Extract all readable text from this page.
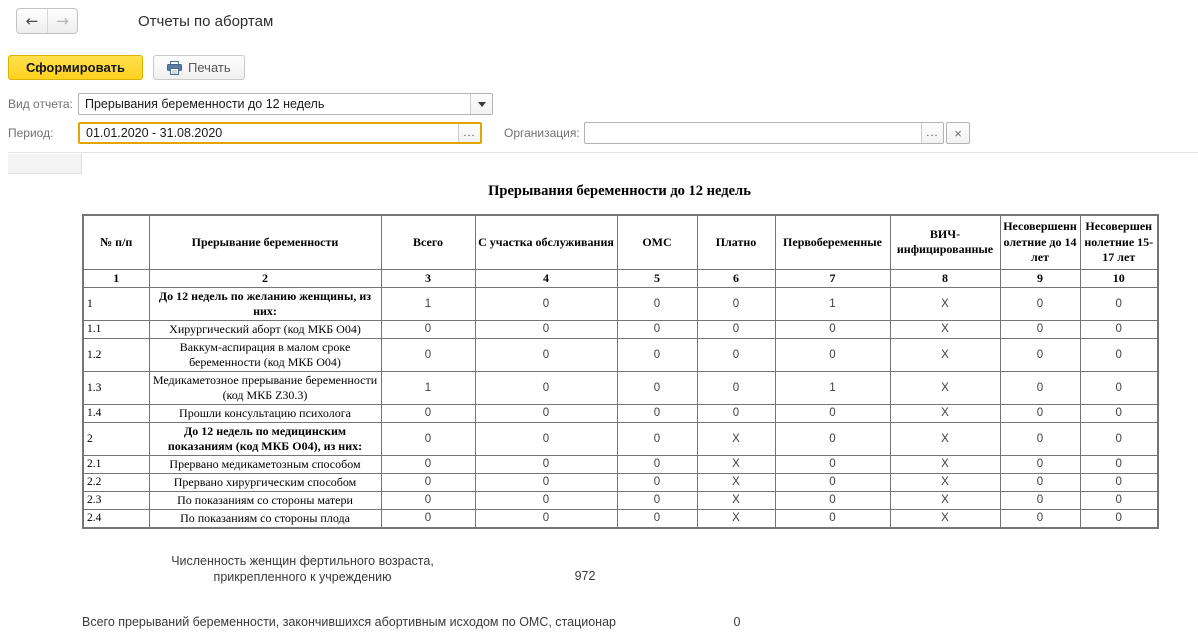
←	→	Отчеты по абортам
Сформировать	Печать
Вид отчета:
Прерывания беременности до 12 недель
Период:
01.01.2020 - 31.08.2020	...	Организация:	...	×
Прерывания беременности до 12 недель
№ п/п	Прерывание беременности	Всего	С участка обслуживания	ОМС	Платно	Первобеременные	ВИЧ-инфицированные	Несовершеннолетние до 14 лет	Несовершеннолетние 15-17 лет
1	2	3	4	5	6	7	8	9	10
1	До 12 недель по желанию женщины, из них:	1	0	0	0	1	Х	0	0
1.1	Хирургический аборт (код МКБ O04)	0	0	0	0	0	Х	0	0
1.2	Ваккум-аспирация в малом сроке беременности (код МКБ O04)	0	0	0	0	0	Х	0	0
1.3	Медикаметозное прерывание беременности (код МКБ Z30.3)	1	0	0	0	1	Х	0	0
1.4	Прошли консультацию психолога	0	0	0	0	0	Х	0	0
2	До 12 недель по медицинским показаниям (код МКБ O04), из них:	0	0	0	Х	0	Х	0	0
2.1	Прервано медикаметозным способом	0	0	0	Х	0	Х	0	0
2.2	Прервано хирургическим способом	0	0	0	Х	0	Х	0	0
2.3	По показаниям со стороны матери	0	0	0	Х	0	Х	0	0
2.4	По показаниям со стороны плода	0	0	0	Х	0	Х	0	0
Численность женщин фертильного возраста, прикрепленного к учреждению	972
Всего прерываний беременности, закончившихся абортивным исходом по ОМС, стационар	0
